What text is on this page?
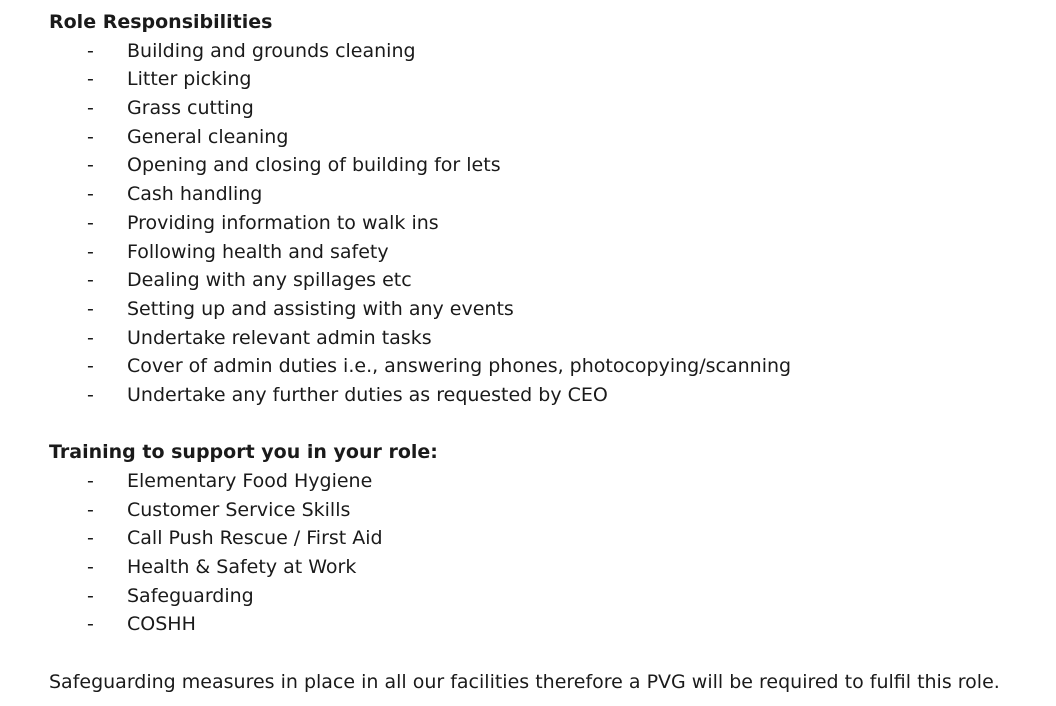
Role Responsibilities
- Building and grounds cleaning
- Litter picking
- Grass cutting
- General cleaning
- Opening and closing of building for lets
- Cash handling
- Providing information to walk ins
- Following health and safety
- Dealing with any spillages etc
- Setting up and assisting with any events
- Undertake relevant admin tasks
- Cover of admin duties i.e., answering phones, photocopying/scanning
- Undertake any further duties as requested by CEO
Training to support you in your role:
- Elementary Food Hygiene
- Customer Service Skills
- Call Push Rescue / First Aid
- Health & Safety at Work
- Safeguarding
- COSHH
Safeguarding measures in place in all our facilities therefore a PVG will be required to fulfil this role.
